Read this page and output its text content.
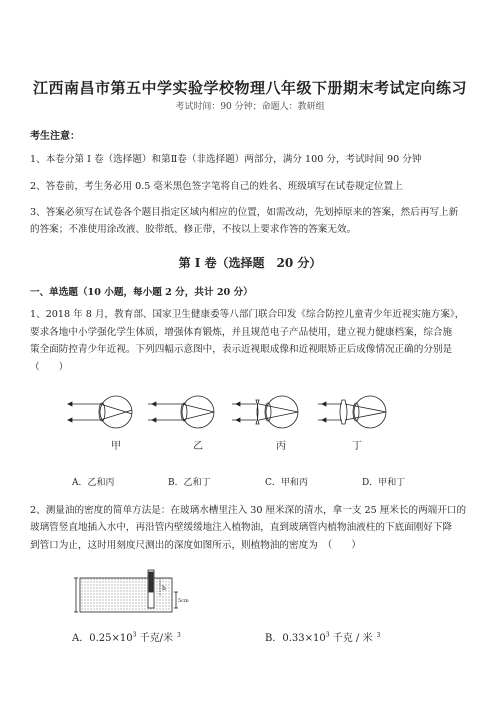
江西南昌市第五中学实验学校物理八年级下册期末考试定向练习
考试时间：90 分钟；命题人：教研组
考生注意：
1、本卷分第 I 卷（选择题）和第Ⅱ卷（非选择题）两部分，满分 100 分，考试时间 90 分钟
2、答卷前，考生务必用 0.5 毫米黑色签字笔将自己的姓名、班级填写在试卷规定位置上
3、答案必须写在试卷各个题目指定区域内相应的位置，如需改动，先划掉原来的答案，然后再写上新
的答案；不准使用涂改液、胶带纸、修正带，不按以上要求作答的答案无效。
第 I 卷（选择题　20 分）
一、单选题（10 小题，每小题 2 分，共计 20 分）
1、2018 年 8 月，教育部、国家卫生健康委等八部门联合印发《综合防控儿童青少年近视实施方案》，
要求各地中小学强化学生体质，增强体育锻炼，并且规范电子产品使用，建立视力健康档案，综合施
策全面防控青少年近视。下列四幅示意图中，表示近视眼成像和近视眼矫正后成像情况正确的分别是
（　　）
甲	乙	丙	丁
A．乙和丙	B．乙和丁	C．甲和丙	D．甲和丁
2、测量油的密度的简单方法是：在玻璃水槽里注入 30 厘米深的清水，拿一支 25 厘米长的两端开口的
玻璃管竖直地插入水中，再沿管内壁缓缓地注入植物油，直到玻璃管内植物油液柱的下底面刚好下降
到管口为止，这时用刻度尺测出的深度如图所示，则植物油的密度为　（　　）
h
5cm
A．$0.25\times 10^3$ 千克/米 $^3$	B．$0.33\times 10^3$ 千克 / 米 $^3$
